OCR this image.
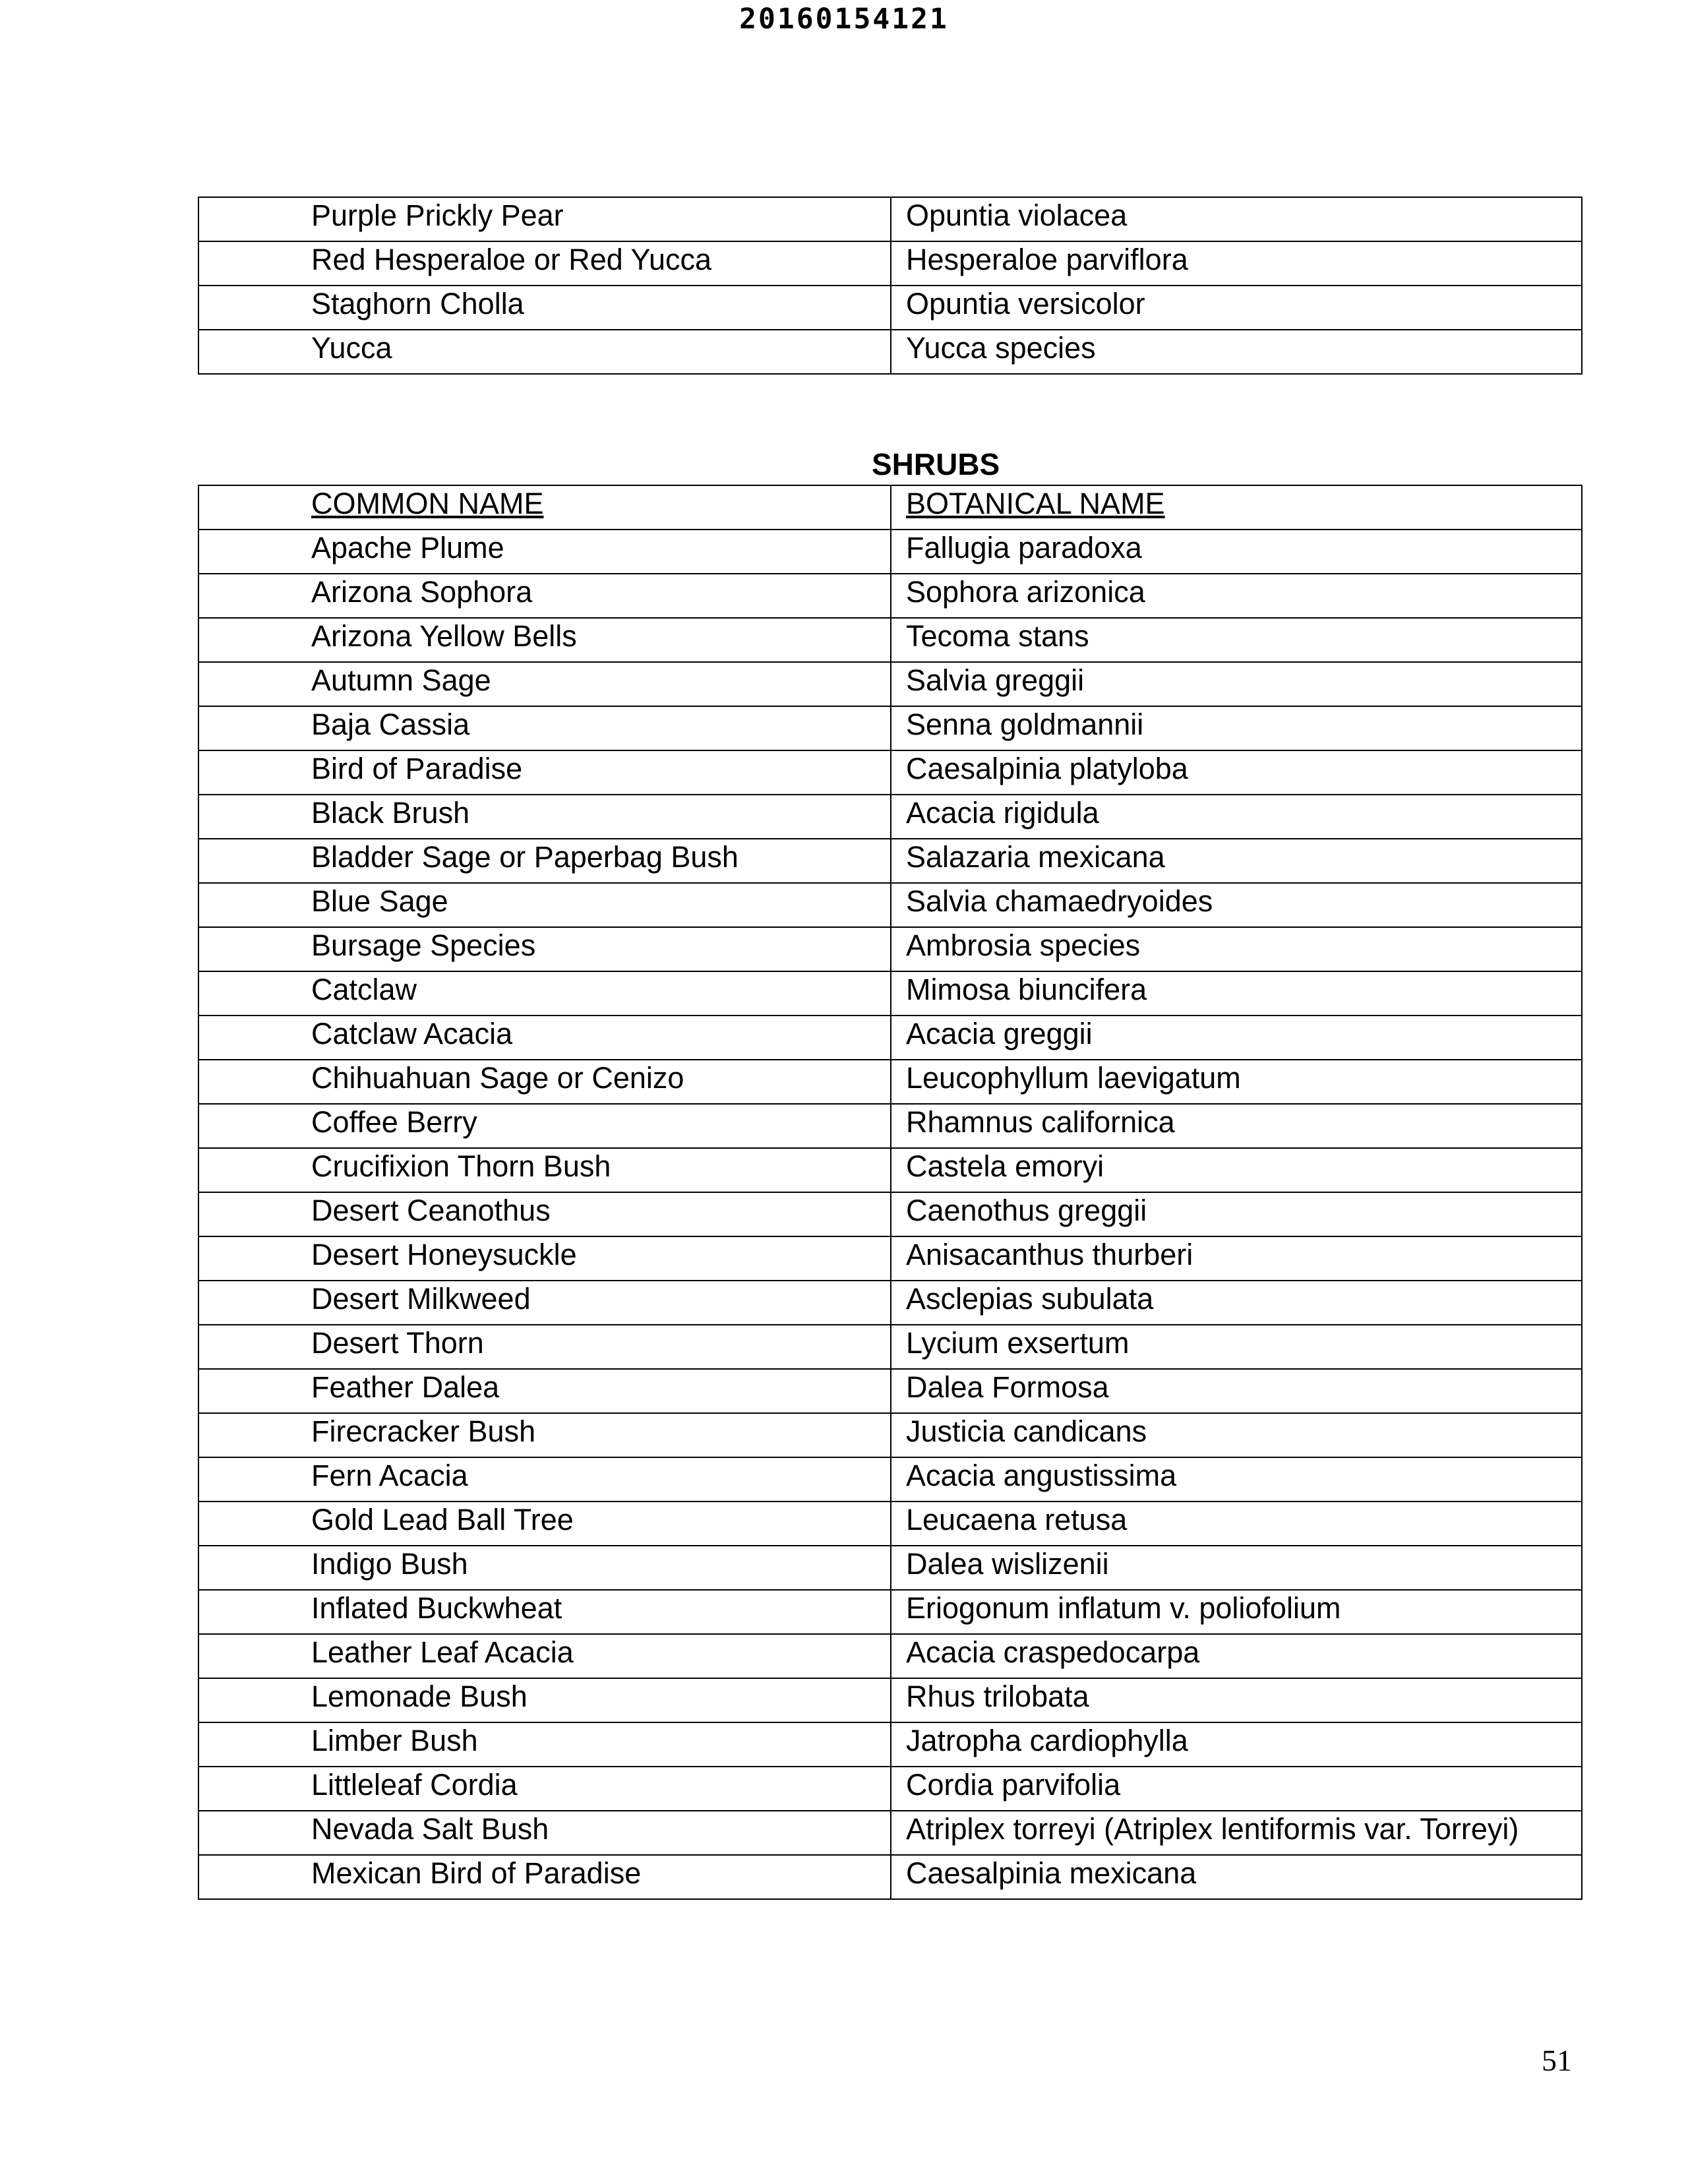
20160154121
Purple Prickly Pear	Opuntia violacea
Red Hesperaloe or Red Yucca	Hesperaloe parviflora
Staghorn Cholla	Opuntia versicolor
Yucca	Yucca species
SHRUBS
COMMON NAME	BOTANICAL NAME
Apache Plume	Fallugia paradoxa
Arizona Sophora	Sophora arizonica
Arizona Yellow Bells	Tecoma stans
Autumn Sage	Salvia greggii
Baja Cassia	Senna goldmannii
Bird of Paradise	Caesalpinia platyloba
Black Brush	Acacia rigidula
Bladder Sage or Paperbag Bush	Salazaria mexicana
Blue Sage	Salvia chamaedryoides
Bursage Species	Ambrosia species
Catclaw	Mimosa biuncifera
Catclaw Acacia	Acacia greggii
Chihuahuan Sage or Cenizo	Leucophyllum laevigatum
Coffee Berry	Rhamnus californica
Crucifixion Thorn Bush	Castela emoryi
Desert Ceanothus	Caenothus greggii
Desert Honeysuckle	Anisacanthus thurberi
Desert Milkweed	Asclepias subulata
Desert Thorn	Lycium exsertum
Feather Dalea	Dalea Formosa
Firecracker Bush	Justicia candicans
Fern Acacia	Acacia angustissima
Gold Lead Ball Tree	Leucaena retusa
Indigo Bush	Dalea wislizenii
Inflated Buckwheat	Eriogonum inflatum v. poliofolium
Leather Leaf Acacia	Acacia craspedocarpa
Lemonade Bush	Rhus trilobata
Limber Bush	Jatropha cardiophylla
Littleleaf Cordia	Cordia parvifolia
Nevada Salt Bush	Atriplex torreyi (Atriplex lentiformis var. Torreyi)
Mexican Bird of Paradise	Caesalpinia mexicana
51
